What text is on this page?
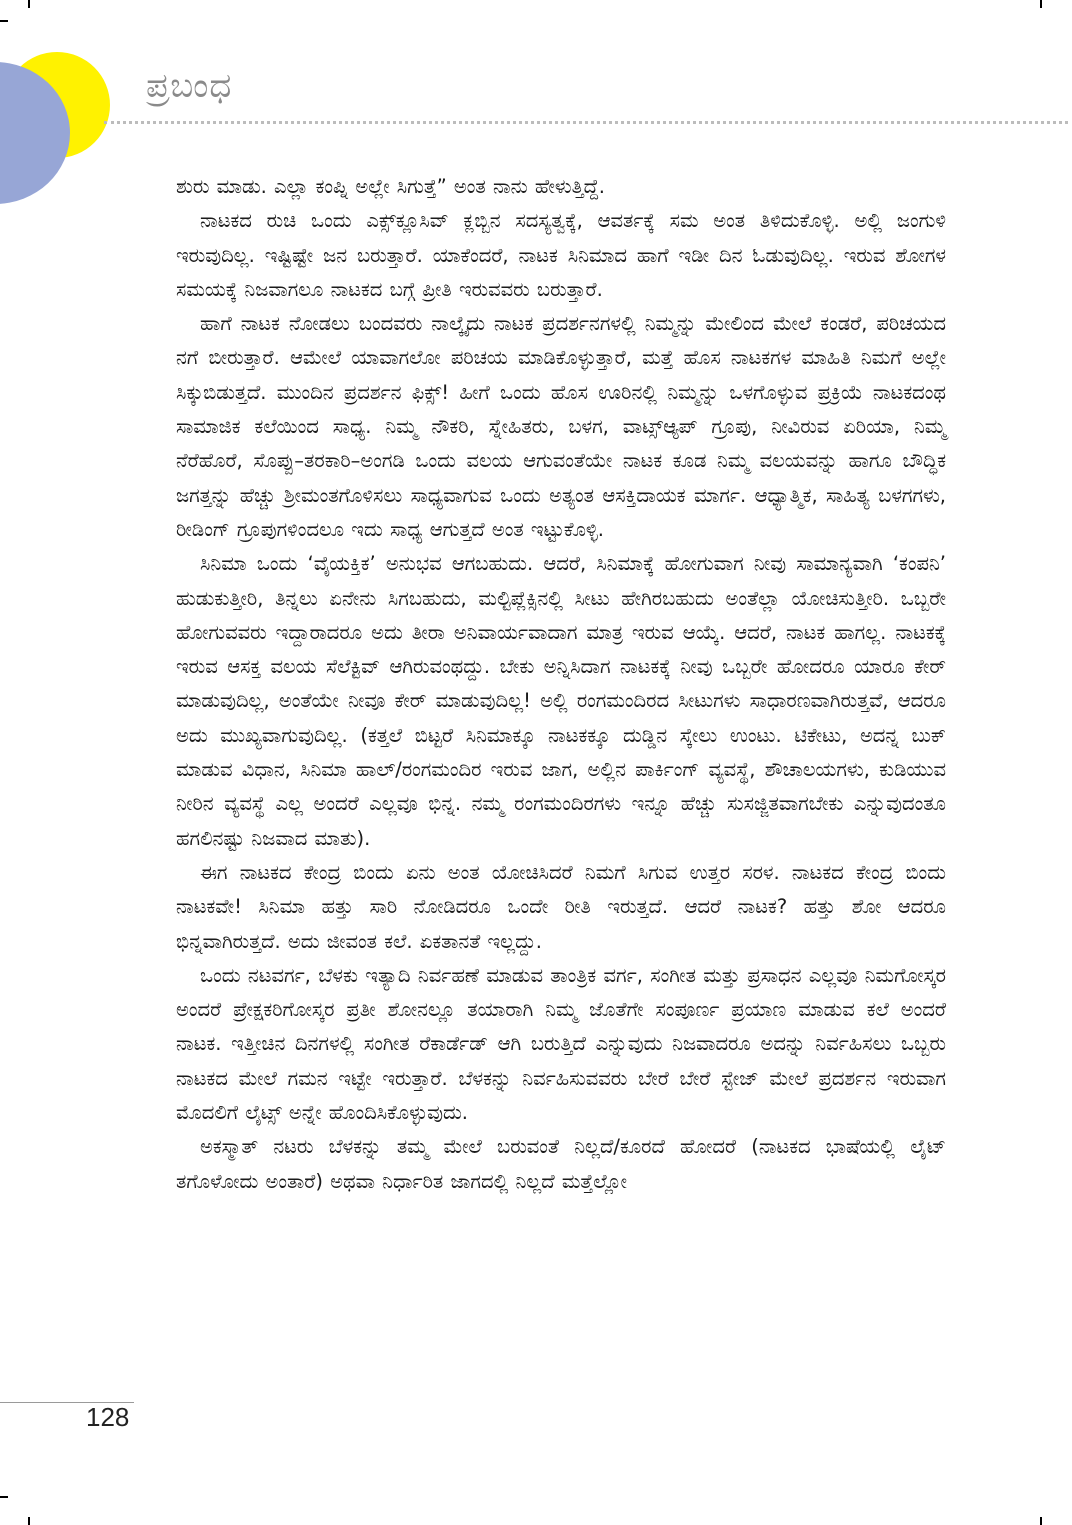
ಪ್ರಬಂಧ

ಶುರು ಮಾಡು. ಎಲ್ಲಾ ಕಂಪ್ನಿ ಅಲ್ಲೇ ಸಿಗುತ್ತೆ” ಅಂತ ನಾನು ಹೇಳುತ್ತಿದ್ದೆ.

ನಾಟಕದ ರುಚಿ ಒಂದು ಎಕ್ಸ್‌ಕ್ಲೂಸಿವ್ ಕ್ಲಬ್ಬಿನ ಸದಸ್ಯತ್ವಕ್ಕೆ, ಆವರ್ತಕ್ಕೆ ಸಮ ಅಂತ ತಿಳಿದುಕೊಳ್ಳಿ. ಅಲ್ಲಿ ಜಂಗುಳಿ ಇರುವುದಿಲ್ಲ. ಇಷ್ಟಿಷ್ಟೇ ಜನ ಬರುತ್ತಾರೆ. ಯಾಕೆಂದರೆ, ನಾಟಕ ಸಿನಿಮಾದ ಹಾಗೆ ಇಡೀ ದಿನ ಓಡುವುದಿಲ್ಲ. ಇರುವ ಶೋಗಳ ಸಮಯಕ್ಕೆ ನಿಜವಾಗಲೂ ನಾಟಕದ ಬಗ್ಗೆ ಪ್ರೀತಿ ಇರುವವರು ಬರುತ್ತಾರೆ.

ಹಾಗೆ ನಾಟಕ ನೋಡಲು ಬಂದವರು ನಾಲ್ಕೈದು ನಾಟಕ ಪ್ರದರ್ಶನಗಳಲ್ಲಿ ನಿಮ್ಮನ್ನು ಮೇಲಿಂದ ಮೇಲೆ ಕಂಡರೆ, ಪರಿಚಯದ ನಗೆ ಬೀರುತ್ತಾರೆ. ಆಮೇಲೆ ಯಾವಾಗಲೋ ಪರಿಚಯ ಮಾಡಿಕೊಳ್ಳುತ್ತಾರೆ, ಮತ್ತೆ ಹೊಸ ನಾಟಕಗಳ ಮಾಹಿತಿ ನಿಮಗೆ ಅಲ್ಲೇ ಸಿಕ್ಕುಬಿಡುತ್ತದೆ. ಮುಂದಿನ ಪ್ರದರ್ಶನ ಫಿಕ್ಸ್! ಹೀಗೆ ಒಂದು ಹೊಸ ಊರಿನಲ್ಲಿ ನಿಮ್ಮನ್ನು ಒಳಗೊಳ್ಳುವ ಪ್ರಕ್ರಿಯೆ ನಾಟಕದಂಥ ಸಾಮಾಜಿಕ ಕಲೆಯಿಂದ ಸಾಧ್ಯ. ನಿಮ್ಮ ನೌಕರಿ, ಸ್ನೇಹಿತರು, ಬಳಗ, ವಾಟ್ಸ್‌ಆ್ಯಪ್ ಗ್ರೂಪು, ನೀವಿರುವ ಏರಿಯಾ, ನಿಮ್ಮ ನೆರೆಹೊರೆ, ಸೊಪ್ಪು–ತರಕಾರಿ–ಅಂಗಡಿ ಒಂದು ವಲಯ ಆಗುವಂತೆಯೇ ನಾಟಕ ಕೂಡ ನಿಮ್ಮ ವಲಯವನ್ನು ಹಾಗೂ ಬೌದ್ಧಿಕ ಜಗತ್ತನ್ನು ಹೆಚ್ಚು ಶ್ರೀಮಂತಗೊಳಿಸಲು ಸಾಧ್ಯವಾಗುವ ಒಂದು ಅತ್ಯಂತ ಆಸಕ್ತಿದಾಯಕ ಮಾರ್ಗ. ಆಧ್ಯಾತ್ಮಿಕ, ಸಾಹಿತ್ಯ ಬಳಗಗಳು, ರೀಡಿಂಗ್ ಗ್ರೂಪುಗಳಿಂದಲೂ ಇದು ಸಾಧ್ಯ ಆಗುತ್ತದೆ ಅಂತ ಇಟ್ಟುಕೊಳ್ಳಿ.

ಸಿನಿಮಾ ಒಂದು ‘ವೈಯಕ್ತಿಕ’ ಅನುಭವ ಆಗಬಹುದು. ಆದರೆ, ಸಿನಿಮಾಕ್ಕೆ ಹೋಗುವಾಗ ನೀವು ಸಾಮಾನ್ಯವಾಗಿ ‘ಕಂಪನಿ’ ಹುಡುಕುತ್ತೀರಿ, ತಿನ್ನಲು ಏನೇನು ಸಿಗಬಹುದು, ಮಲ್ಟಿಪ್ಲೆಕ್ಸಿನಲ್ಲಿ ಸೀಟು ಹೇಗಿರಬಹುದು ಅಂತೆಲ್ಲಾ ಯೋಚಿಸುತ್ತೀರಿ. ಒಬ್ಬರೇ ಹೋಗುವವರು ಇದ್ದಾರಾದರೂ ಅದು ತೀರಾ ಅನಿವಾರ್ಯವಾದಾಗ ಮಾತ್ರ ಇರುವ ಆಯ್ಕೆ. ಆದರೆ, ನಾಟಕ ಹಾಗಲ್ಲ. ನಾಟಕಕ್ಕೆ ಇರುವ ಆಸಕ್ತ ವಲಯ ಸೆಲೆಕ್ಟಿವ್ ಆಗಿರುವಂಥದ್ದು. ಬೇಕು ಅನ್ನಿಸಿದಾಗ ನಾಟಕಕ್ಕೆ ನೀವು ಒಬ್ಬರೇ ಹೋದರೂ ಯಾರೂ ಕೇರ್ ಮಾಡುವುದಿಲ್ಲ, ಅಂತೆಯೇ ನೀವೂ ಕೇರ್ ಮಾಡುವುದಿಲ್ಲ! ಅಲ್ಲಿ ರಂಗಮಂದಿರದ ಸೀಟುಗಳು ಸಾಧಾರಣವಾಗಿರುತ್ತವೆ, ಆದರೂ ಅದು ಮುಖ್ಯವಾಗುವುದಿಲ್ಲ. (ಕತ್ತಲೆ ಬಿಟ್ಟರೆ ಸಿನಿಮಾಕ್ಕೂ ನಾಟಕಕ್ಕೂ ದುಡ್ಡಿನ ಸ್ಕೇಲು ಉಂಟು. ಟಿಕೇಟು, ಅದನ್ನ ಬುಕ್ ಮಾಡುವ ವಿಧಾನ, ಸಿನಿಮಾ ಹಾಲ್/ರಂಗಮಂದಿರ ಇರುವ ಜಾಗ, ಅಲ್ಲಿನ ಪಾರ್ಕಿಂಗ್ ವ್ಯವಸ್ಥೆ, ಶೌಚಾಲಯಗಳು, ಕುಡಿಯುವ ನೀರಿನ ವ್ಯವಸ್ಥೆ ಎಲ್ಲ ಅಂದರೆ ಎಲ್ಲವೂ ಭಿನ್ನ. ನಮ್ಮ ರಂಗಮಂದಿರಗಳು ಇನ್ನೂ ಹೆಚ್ಚು ಸುಸಜ್ಜಿತವಾಗಬೇಕು ಎನ್ನುವುದಂತೂ ಹಗಲಿನಷ್ಟು ನಿಜವಾದ ಮಾತು).

ಈಗ ನಾಟಕದ ಕೇಂದ್ರ ಬಿಂದು ಏನು ಅಂತ ಯೋಚಿಸಿದರೆ ನಿಮಗೆ ಸಿಗುವ ಉತ್ತರ ಸರಳ. ನಾಟಕದ ಕೇಂದ್ರ ಬಿಂದು ನಾಟಕವೇ! ಸಿನಿಮಾ ಹತ್ತು ಸಾರಿ ನೋಡಿದರೂ ಒಂದೇ ರೀತಿ ಇರುತ್ತದೆ. ಆದರೆ ನಾಟಕ? ಹತ್ತು ಶೋ ಆದರೂ ಭಿನ್ನವಾಗಿರುತ್ತದೆ. ಅದು ಜೀವಂತ ಕಲೆ. ಏಕತಾನತೆ ಇಲ್ಲದ್ದು.

ಒಂದು ನಟವರ್ಗ, ಬೆಳಕು ಇತ್ಯಾದಿ ನಿರ್ವಹಣೆ ಮಾಡುವ ತಾಂತ್ರಿಕ ವರ್ಗ, ಸಂಗೀತ ಮತ್ತು ಪ್ರಸಾಧನ ಎಲ್ಲವೂ ನಿಮಗೋಸ್ಕರ ಅಂದರೆ ಪ್ರೇಕ್ಷಕರಿಗೋಸ್ಕರ ಪ್ರತೀ ಶೋನಲ್ಲೂ ತಯಾರಾಗಿ ನಿಮ್ಮ ಜೊತೆಗೇ ಸಂಪೂರ್ಣ ಪ್ರಯಾಣ ಮಾಡುವ ಕಲೆ ಅಂದರೆ ನಾಟಕ. ಇತ್ತೀಚಿನ ದಿನಗಳಲ್ಲಿ ಸಂಗೀತ ರೆಕಾರ್ಡೆಡ್ ಆಗಿ ಬರುತ್ತಿದೆ ಎನ್ನುವುದು ನಿಜವಾದರೂ ಅದನ್ನು ನಿರ್ವಹಿಸಲು ಒಬ್ಬರು ನಾಟಕದ ಮೇಲೆ ಗಮನ ಇಟ್ಟೇ ಇರುತ್ತಾರೆ. ಬೆಳಕನ್ನು ನಿರ್ವಹಿಸುವವರು ಬೇರೆ ಬೇರೆ ಸ್ಟೇಜ್ ಮೇಲೆ ಪ್ರದರ್ಶನ ಇರುವಾಗ ಮೊದಲಿಗೆ ಲೈಟ್ಸ್ ಅನ್ನೇ ಹೊಂದಿಸಿಕೊಳ್ಳುವುದು.

ಅಕಸ್ಮಾತ್ ನಟರು ಬೆಳಕನ್ನು ತಮ್ಮ ಮೇಲೆ ಬರುವಂತೆ ನಿಲ್ಲದೆ/ಕೂರದೆ ಹೋದರೆ (ನಾಟಕದ ಭಾಷೆಯಲ್ಲಿ ಲೈಟ್ ತಗೊಳೋದು ಅಂತಾರೆ) ಅಥವಾ ನಿರ್ಧಾರಿತ ಜಾಗದಲ್ಲಿ ನಿಲ್ಲದೆ ಮತ್ತೆಲ್ಲೋ

128
